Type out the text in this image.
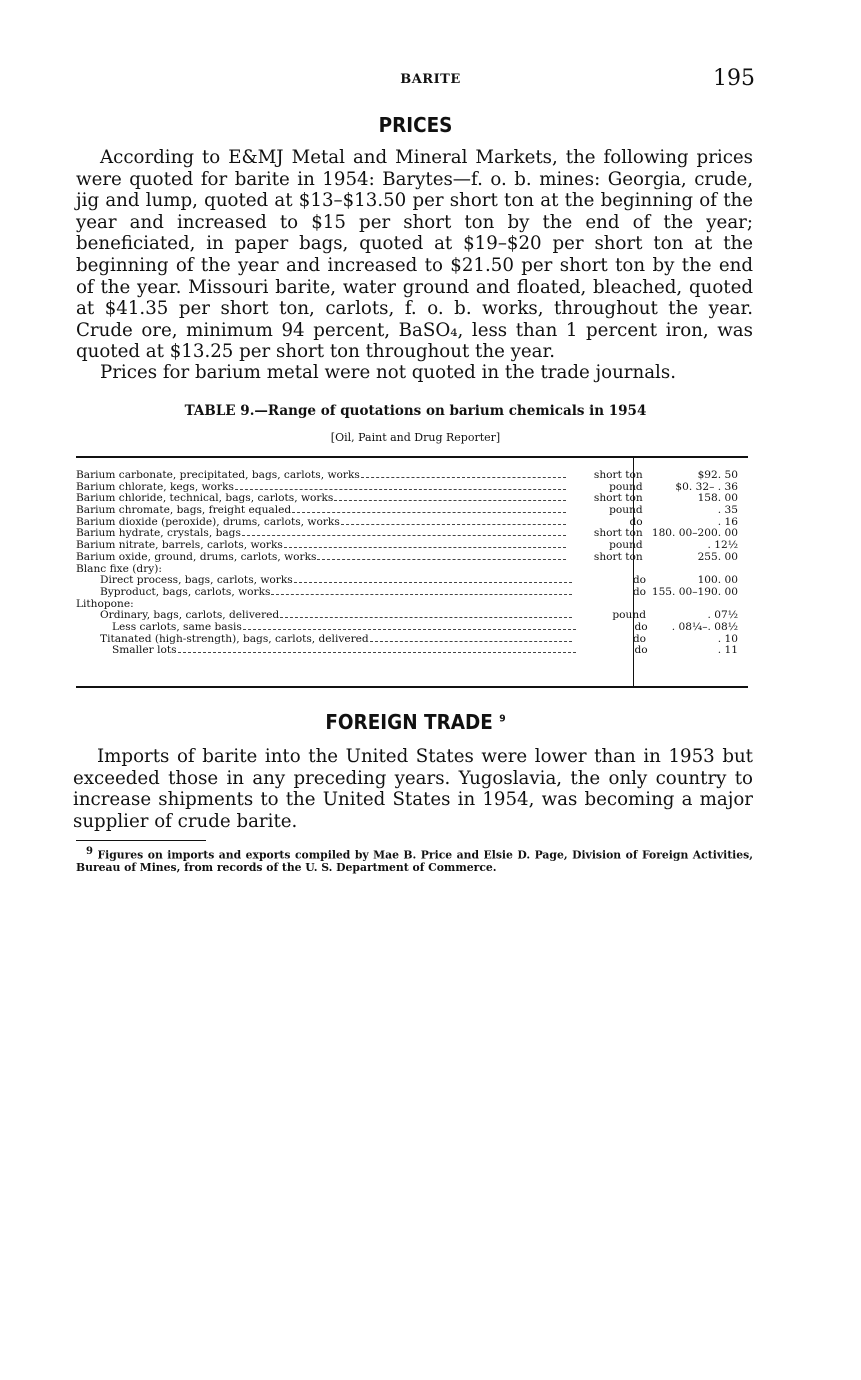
BARITE	195
PRICES

According to E&MJ Metal and Mineral Markets, the following prices were quoted for barite in 1954: Barytes—f. o. b. mines: Georgia, crude, jig and lump, quoted at $13–$13.50 per short ton at the beginning of the year and increased to $15 per short ton by the end of the year; beneficiated, in paper bags, quoted at $19–$20 per short ton at the beginning of the year and increased to $21.50 per short ton by the end of the year. Missouri barite, water ground and floated, bleached, quoted at $41.35 per short ton, carlots, f. o. b. works, throughout the year. Crude ore, minimum 94 percent, BaSO₄, less than 1 percent iron, was quoted at $13.25 per short ton throughout the year.

Prices for barium metal were not quoted in the trade journals.

TABLE 9.—Range of quotations on barium chemicals in 1954
[Oil, Paint and Drug Reporter]
Barium carbonate, precipitated, bags, carlots, works	short ton	$92. 50
Barium chlorate, kegs, works	pound	$0. 32– . 36
Barium chloride, technical, bags, carlots, works	short ton	158. 00
Barium chromate, bags, freight equaled	pound	. 35
Barium dioxide (peroxide), drums, carlots, works	do	. 16
Barium hydrate, crystals, bags	short ton 180. 00–200. 00
Barium nitrate, barrels, carlots, works	pound	. 12½
Barium oxide, ground, drums, carlots, works	short ton	255. 00
Blanc fixe (dry):
Direct process, bags, carlots, works	do	100. 00
Byproduct, bags, carlots, works	do 155. 00–190. 00
Lithopone:
Ordinary, bags, carlots, delivered	pound	. 07½
Less carlots, same basis	do	. 08¼–. 08½
Titanated (high-strength), bags, carlots, delivered	do	. 10
Smaller lots	do	. 11
FOREIGN TRADE $^9$

Imports of barite into the United States were lower than in 1953 but exceeded those in any preceding years. Yugoslavia, the only country to increase shipments to the United States in 1954, was becoming a major supplier of crude barite.

9 Figures on imports and exports compiled by Mae B. Price and Elsie D. Page, Division of Foreign Activities, Bureau of Mines, from records of the U. S. Department of Commerce.
